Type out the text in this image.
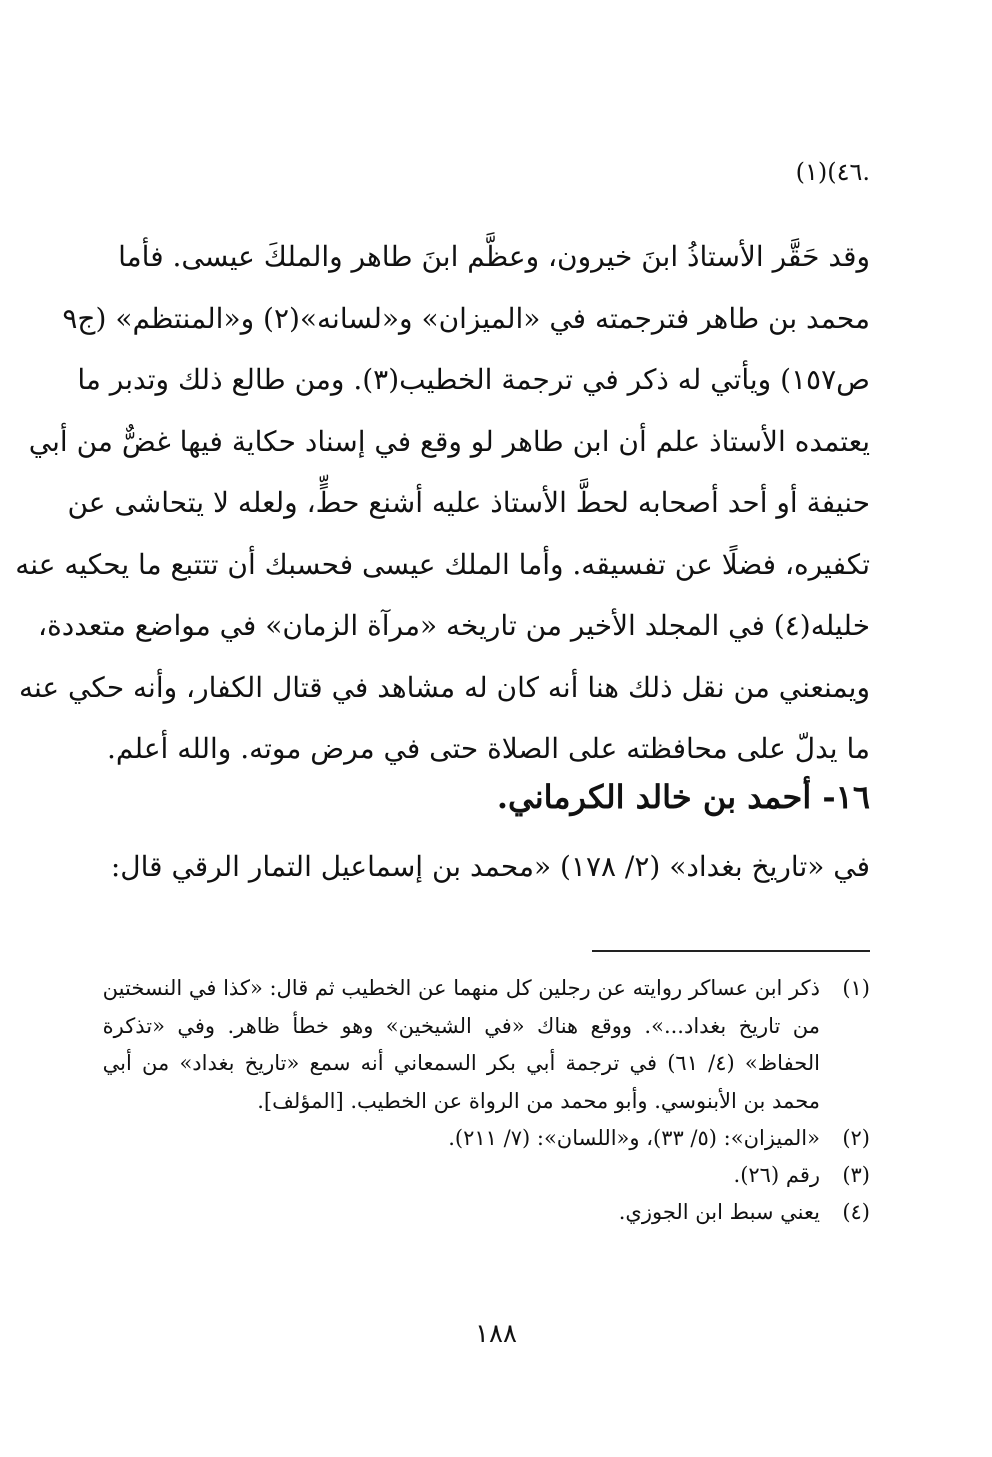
٤٦)(١).
وقد حَقَّر الأستاذُ ابنَ خيرون، وعظَّم ابنَ طاهر والملكَ عيسى. فأما
محمد بن طاهر فترجمته في «الميزان» و«لسانه»(٢) و«المنتظم» (ج٩
ص١٥٧) ويأتي له ذكر في ترجمة الخطيب(٣). ومن طالع ذلك وتدبر ما
يعتمده الأستاذ علم أن ابن طاهر لو وقع في إسناد حكاية فيها غضٌّ من أبي
حنيفة أو أحد أصحابه لحطَّ الأستاذ عليه أشنع حطٍّ، ولعله لا يتحاشى عن
تكفيره، فضلًا عن تفسيقه. وأما الملك عيسى فحسبك أن تتتبع ما يحكيه عنه
خليله(٤) في المجلد الأخير من تاريخه «مرآة الزمان» في مواضع متعددة،
ويمنعني من نقل ذلك هنا أنه كان له مشاهد في قتال الكفار، وأنه حكي عنه
ما يدلّ على محافظته على الصلاة حتى في مرض موته. والله أعلم.
١٦- أحمد بن خالد الكرماني.
في «تاريخ بغداد» (٢/ ١٧٨) «محمد بن إسماعيل التمار الرقي قال:
(١)
ذكر ابن عساكر روايته عن رجلين كل منهما عن الخطيب ثم قال: «كذا في النسختين
من تاريخ بغداد...». ووقع هناك «في الشيخين» وهو خطأ ظاهر. وفي «تذكرة
الحفاظ» (٤/ ٦١) في ترجمة أبي بكر السمعاني أنه سمع «تاريخ بغداد» من أبي
محمد بن الأبنوسي. وأبو محمد من الرواة عن الخطيب. [المؤلف].
(٢)
«الميزان»: (٥/ ٣٣)، و«اللسان»: (٧/ ٢١١).
(٣)
رقم (٢٦).
(٤)
يعني سبط ابن الجوزي.
١٨٨
